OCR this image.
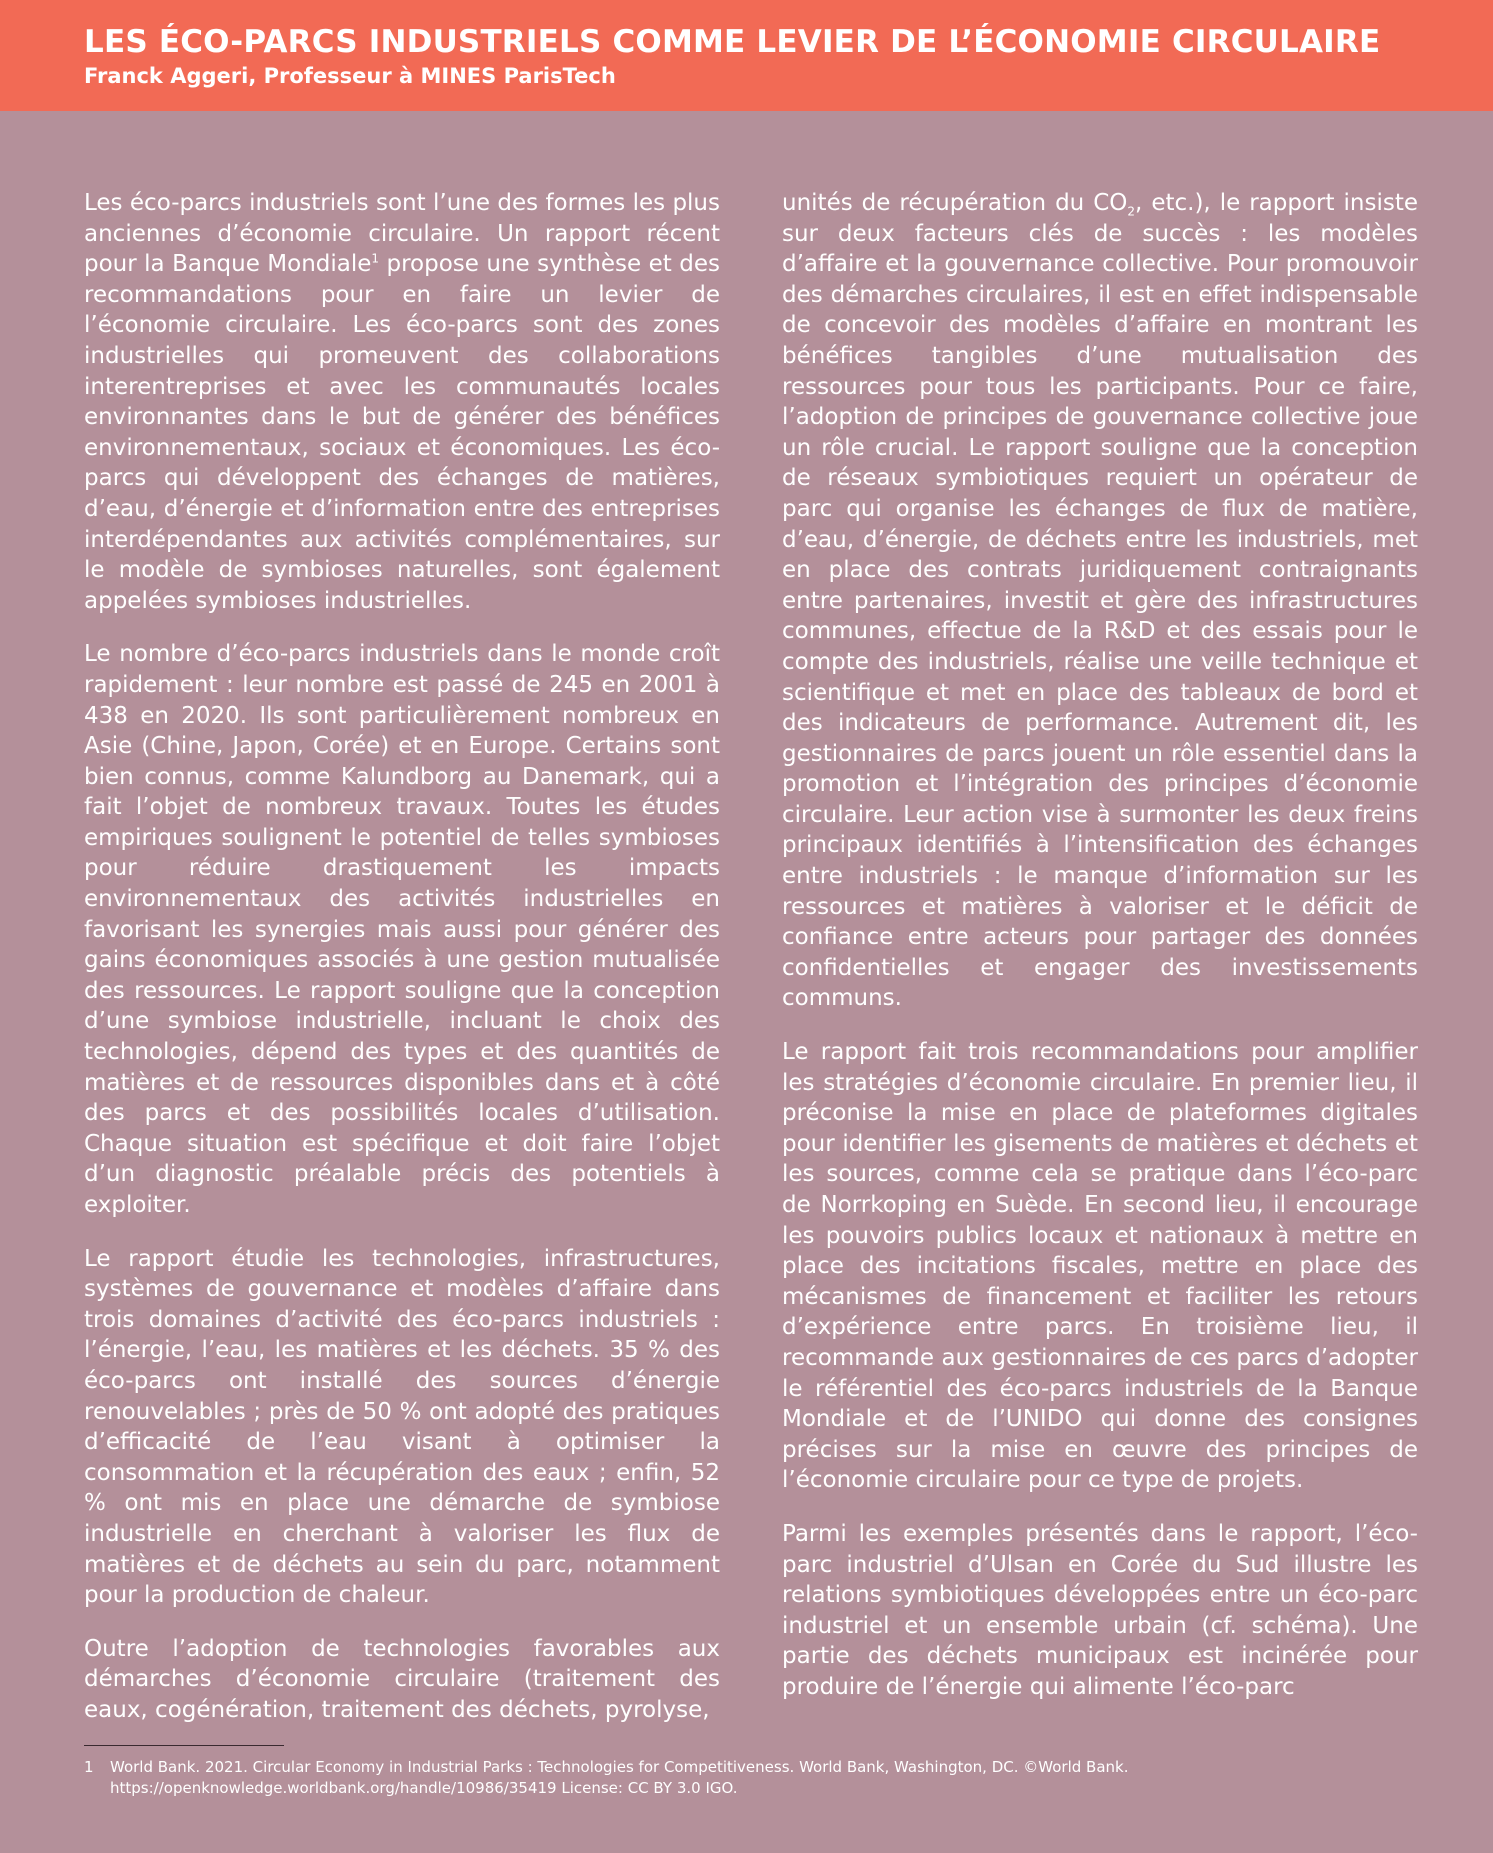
LES ÉCO-PARCS INDUSTRIELS COMME LEVIER DE L’ÉCONOMIE CIRCULAIRE

Franck Aggeri, Professeur à MINES ParisTech

Les éco-parcs industriels sont l’une des formes les plus anciennes d’économie circulaire. Un rapport récent pour la Banque Mondiale$^1$ propose une synthèse et des recommandations pour en faire un levier de l’économie circulaire. Les éco-parcs sont des zones industrielles qui promeuvent des collaborations interentreprises et avec les communautés locales environnantes dans le but de générer des bénéfices environnementaux, sociaux et économiques. Les éco-parcs qui développent des échanges de matières, d’eau, d’énergie et d’information entre des entreprises interdépendantes aux activités complémentaires, sur le modèle de symbioses naturelles, sont également appelées symbioses industrielles.

Le nombre d’éco-parcs industriels dans le monde croît rapidement : leur nombre est passé de 245 en 2001 à 438 en 2020. Ils sont particulièrement nombreux en Asie (Chine, Japon, Corée) et en Europe. Certains sont bien connus, comme Kalundborg au Danemark, qui a fait l’objet de nombreux travaux. Toutes les études empiriques soulignent le potentiel de telles symbioses pour réduire drastiquement les impacts environnementaux des activités industrielles en favorisant les synergies mais aussi pour générer des gains économiques associés à une gestion mutualisée des ressources. Le rapport souligne que la conception d’une symbiose industrielle, incluant le choix des technologies, dépend des types et des quantités de matières et de ressources disponibles dans et à côté des parcs et des possibilités locales d’utilisation. Chaque situation est spécifique et doit faire l’objet d’un diagnostic préalable précis des potentiels à exploiter.

Le rapport étudie les technologies, infrastructures, systèmes de gouvernance et modèles d’affaire dans trois domaines d’activité des éco-parcs industriels : l’énergie, l’eau, les matières et les déchets. 35 % des éco-parcs ont installé des sources d’énergie renouvelables ; près de 50 % ont adopté des pratiques d’efficacité de l’eau visant à optimiser la consommation et la récupération des eaux ; enfin, 52 % ont mis en place une démarche de symbiose industrielle en cherchant à valoriser les flux de matières et de déchets au sein du parc, notamment pour la production de chaleur.

Outre l’adoption de technologies favorables aux démarches d’économie circulaire (traitement des eaux, cogénération, traitement des déchets, pyrolyse,

unités de récupération du $CO_2$, etc.), le rapport insiste sur deux facteurs clés de succès : les modèles d’affaire et la gouvernance collective. Pour promouvoir des démarches circulaires, il est en effet indispensable de concevoir des modèles d’affaire en montrant les bénéfices tangibles d’une mutualisation des ressources pour tous les participants. Pour ce faire, l’adoption de principes de gouvernance collective joue un rôle crucial. Le rapport souligne que la conception de réseaux symbiotiques requiert un opérateur de parc qui organise les échanges de flux de matière, d’eau, d’énergie, de déchets entre les industriels, met en place des contrats juridiquement contraignants entre partenaires, investit et gère des infrastructures communes, effectue de la R&D et des essais pour le compte des industriels, réalise une veille technique et scientifique et met en place des tableaux de bord et des indicateurs de performance. Autrement dit, les gestionnaires de parcs jouent un rôle essentiel dans la promotion et l’intégration des principes d’économie circulaire. Leur action vise à surmonter les deux freins principaux identifiés à l’intensification des échanges entre industriels : le manque d’information sur les ressources et matières à valoriser et le déficit de confiance entre acteurs pour partager des données confidentielles et engager des investissements communs.

Le rapport fait trois recommandations pour amplifier les stratégies d’économie circulaire. En premier lieu, il préconise la mise en place de plateformes digitales pour identifier les gisements de matières et déchets et les sources, comme cela se pratique dans l’éco-parc de Norrkoping en Suède. En second lieu, il encourage les pouvoirs publics locaux et nationaux à mettre en place des incitations fiscales, mettre en place des mécanismes de financement et faciliter les retours d’expérience entre parcs. En troisième lieu, il recommande aux gestionnaires de ces parcs d’adopter le référentiel des éco-parcs industriels de la Banque Mondiale et de l’UNIDO qui donne des consignes précises sur la mise en œuvre des principes de l’économie circulaire pour ce type de projets.

Parmi les exemples présentés dans le rapport, l’éco-parc industriel d’Ulsan en Corée du Sud illustre les relations symbiotiques développées entre un éco-parc industriel et un ensemble urbain (cf. schéma). Une partie des déchets municipaux est incinérée pour produire de l’énergie qui alimente l’éco-parc

1	World Bank. 2021. Circular Economy in Industrial Parks : Technologies for Competitiveness. World Bank, Washington, DC. ©World Bank. https://openknowledge.worldbank.org/handle/10986/35419 License: CC BY 3.0 IGO.
